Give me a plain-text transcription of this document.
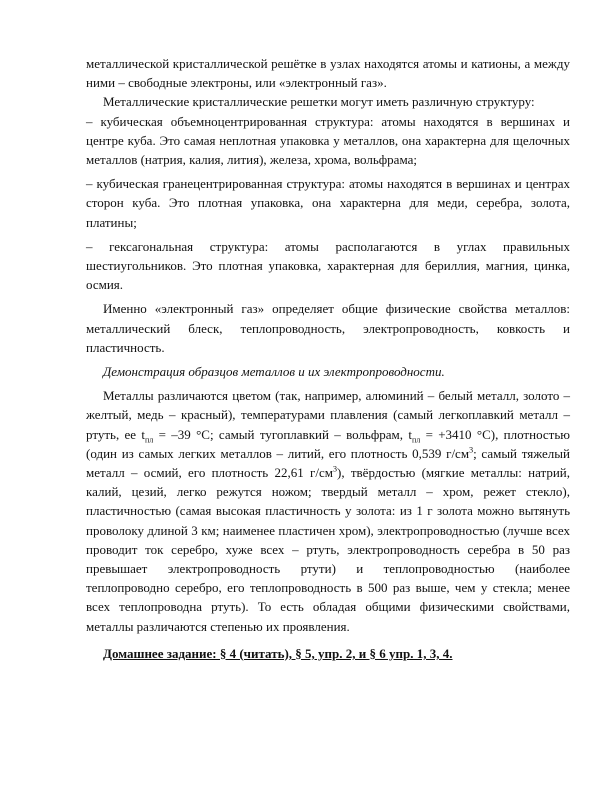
металлической кристаллической решётке в узлах находятся атомы и катионы, а между ними – свободные электроны, или «электронный газ».

Металлические кристаллические решетки могут иметь различную структуру:

– кубическая объемноцентрированная структура: атомы находятся в вершинах и центре куба. Это самая неплотная упаковка у металлов, она характерна для щелочных металлов (натрия, калия, лития), железа, хрома, вольфрама;

– кубическая гранецентрированная структура: атомы находятся в вершинах и центрах сторон куба. Это плотная упаковка, она характерна для меди, серебра, золота, платины;

– гексагональная структура: атомы располагаются в углах правильных шестиугольников. Это плотная упаковка, характерная для бериллия, магния, цинка, осмия.

Именно «электронный газ» определяет общие физические свойства металлов: металлический блеск, теплопроводность, электропроводность, ковкость и пластичность.

Демонстрация образцов металлов и их электропроводности.

Металлы различаются цветом (так, например, алюминий – белый металл, золото – желтый, медь – красный), температурами плавления (самый легкоплавкий металл – ртуть, ее $t_{пл} = -39$ °С; самый тугоплавкий – вольфрам, $t_{пл} = +3410$ °С), плотностью (один из самых легких металлов – литий, его плотность 0,539 $г/см^3$; самый тяжелый металл – осмий, его плотность 22,61 $г/см^3$), твёрдостью (мягкие металлы: натрий, калий, цезий, легко режутся ножом; твердый металл – хром, режет стекло), пластичностью (самая высокая пластичность у золота: из 1 г золота можно вытянуть проволоку длиной 3 км; наименее пластичен хром), электропроводностью (лучше всех проводит ток серебро, хуже всех – ртуть, электропроводность серебра в 50 раз превышает электропроводность ртути) и теплопроводностью (наиболее теплопроводно серебро, его теплопроводность в 500 раз выше, чем у стекла; менее всех теплопроводна ртуть). То есть обладая общими физическими свойствами, металлы различаются степенью их проявления.

Домашнее задание: § 4 (читать), § 5, упр. 2, и § 6 упр. 1, 3, 4.
